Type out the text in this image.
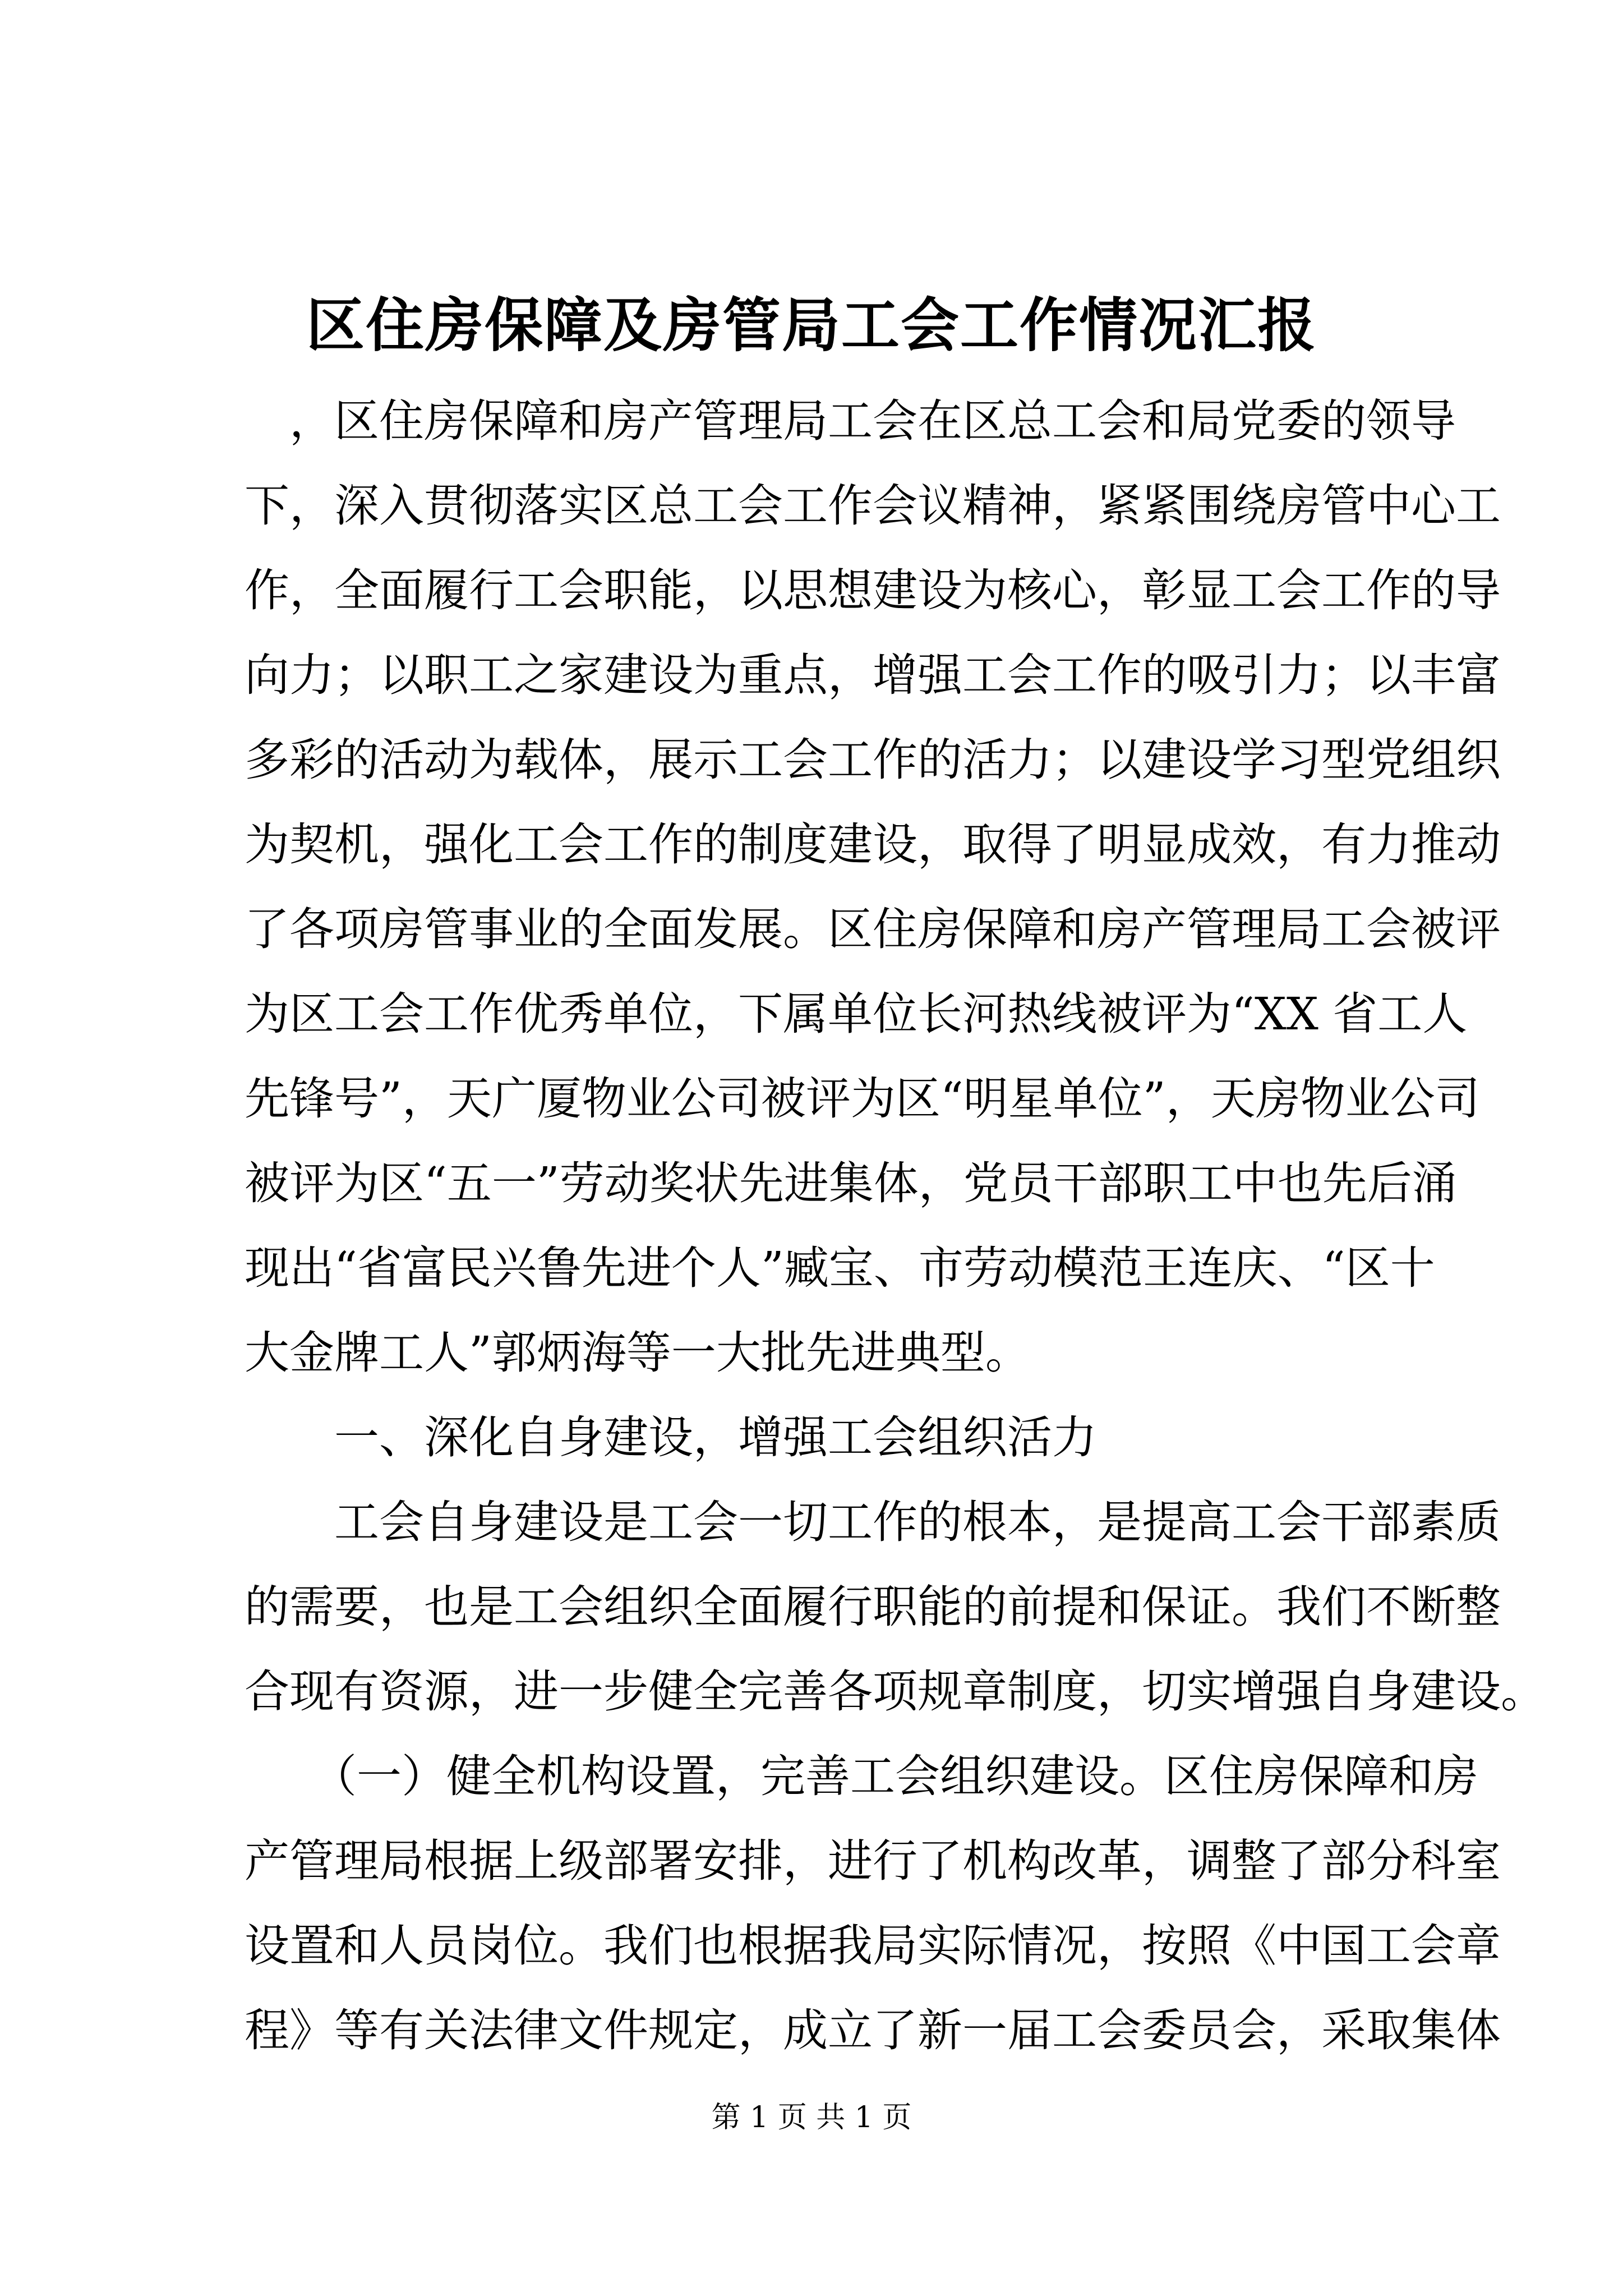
区住房保障及房管局工会工作情况汇报
　，区住房保障和房产管理局工会在区总工会和局党委的领导
下，深入贯彻落实区总工会工作会议精神，紧紧围绕房管中心工
作，全面履行工会职能，以思想建设为核心，彰显工会工作的导
向力；以职工之家建设为重点，增强工会工作的吸引力；以丰富
多彩的活动为载体，展示工会工作的活力；以建设学习型党组织
为契机，强化工会工作的制度建设，取得了明显成效，有力推动
了各项房管事业的全面发展。区住房保障和房产管理局工会被评
为区工会工作优秀单位，下属单位长河热线被评为“XX 省工人
先锋号”，天广厦物业公司被评为区“明星单位”，天房物业公司
被评为区“五一”劳动奖状先进集体，党员干部职工中也先后涌
现出“省富民兴鲁先进个人”臧宝、市劳动模范王连庆、“区十
大金牌工人”郭炳海等一大批先进典型。
　　一、深化自身建设，增强工会组织活力
　　工会自身建设是工会一切工作的根本，是提高工会干部素质
的需要，也是工会组织全面履行职能的前提和保证。我们不断整
合现有资源，进一步健全完善各项规章制度，切实增强自身建设。
　　（一）健全机构设置，完善工会组织建设。区住房保障和房
产管理局根据上级部署安排，进行了机构改革，调整了部分科室
设置和人员岗位。我们也根据我局实际情况，按照《中国工会章
程》等有关法律文件规定，成立了新一届工会委员会，采取集体
第 1 页 共 1 页
